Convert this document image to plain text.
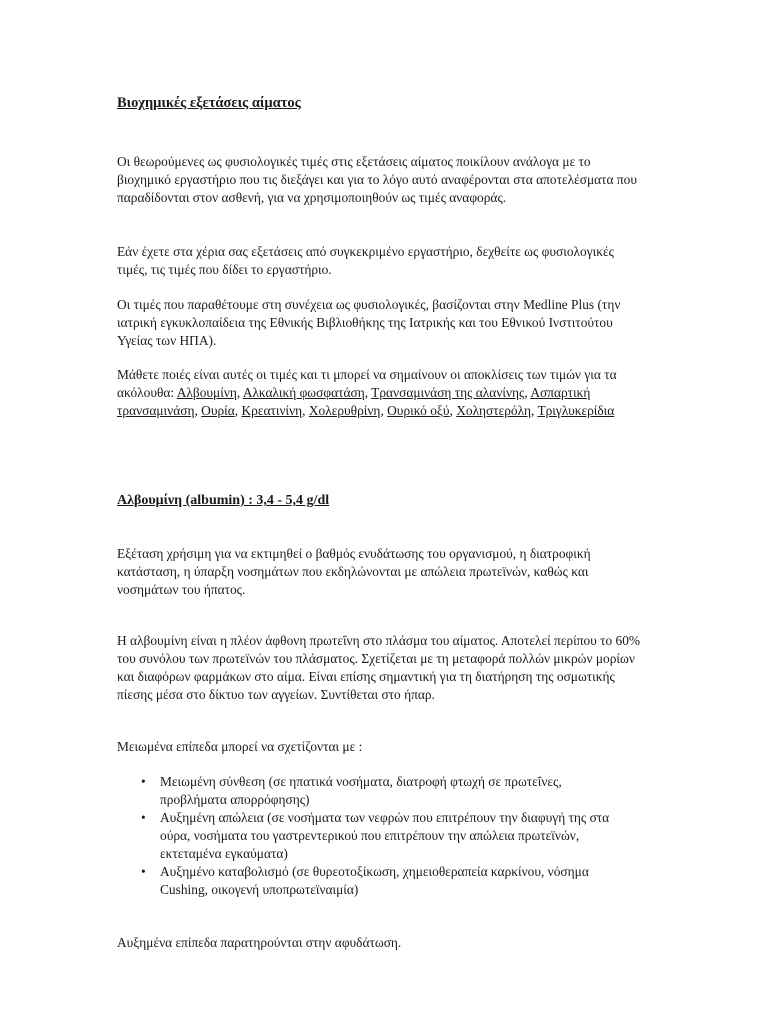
Βιοχημικές εξετάσεις αίματος

Οι θεωρούμενες ως φυσιολογικές τιμές στις εξετάσεις αίματος ποικίλουν ανάλογα με το βιοχημικό εργαστήριο που τις διεξάγει και για το λόγο αυτό αναφέρονται στα αποτελέσματα που παραδίδονται στον ασθενή, για να χρησιμοποιηθούν ως τιμές αναφοράς.

Εάν έχετε στα χέρια σας εξετάσεις από συγκεκριμένο εργαστήριο, δεχθείτε ως φυσιολογικές τιμές, τις τιμές που δίδει το εργαστήριο.

Οι τιμές που παραθέτουμε στη συνέχεια ως φυσιολογικές, βασίζονται στην Medline Plus (την ιατρική εγκυκλοπαίδεια της Εθνικής Βιβλιοθήκης της Ιατρικής και του Εθνικού Ινστιτούτου Υγείας των ΗΠΑ).

Μάθετε ποιές είναι αυτές οι τιμές και τι μπορεί να σημαίνουν οι αποκλίσεις των τιμών για τα ακόλουθα: Αλβουμίνη, Αλκαλική φωσφατάση, Τρανσαμινάση της αλανίνης, Ασπαρτική τρανσαμινάση, Ουρία, Κρεατινίνη, Χολερυθρίνη, Ουρικό οξύ, Χοληστερόλη, Τριγλυκερίδια

Αλβουμίνη (albumin) : 3,4 - 5,4 g/dl

Εξέταση χρήσιμη για να εκτιμηθεί ο βαθμός ενυδάτωσης του οργανισμού, η διατροφική κατάσταση, η ύπαρξη νοσημάτων που εκδηλώνονται με απώλεια πρωτεϊνών, καθώς και νοσημάτων του ήπατος.

Η αλβουμίνη είναι η πλέον άφθονη πρωτεΐνη στο πλάσμα του αίματος. Αποτελεί περίπου το 60% του συνόλου των πρωτεϊνών του πλάσματος. Σχετίζεται με τη μεταφορά πολλών μικρών μορίων και διαφόρων φαρμάκων στο αίμα. Είναι επίσης σημαντική για τη διατήρηση της οσμωτικής πίεσης μέσα στο δίκτυο των αγγείων. Συντίθεται στο ήπαρ.

Μειωμένα επίπεδα μπορεί να σχετίζονται με :

• Μειωμένη σύνθεση (σε ηπατικά νοσήματα, διατροφή φτωχή σε πρωτεΐνες, προβλήματα απορρόφησης)
• Αυξημένη απώλεια (σε νοσήματα των νεφρών που επιτρέπουν την διαφυγή της στα ούρα, νοσήματα του γαστρεντερικού που επιτρέπουν την απώλεια πρωτεϊνών, εκτεταμένα εγκαύματα)
• Αυξημένο καταβολισμό (σε θυρεοτοξίκωση, χημειοθεραπεία καρκίνου, νόσημα Cushing, οικογενή υποπρωτεϊναιμία)

Αυξημένα επίπεδα παρατηρούνται στην αφυδάτωση.
